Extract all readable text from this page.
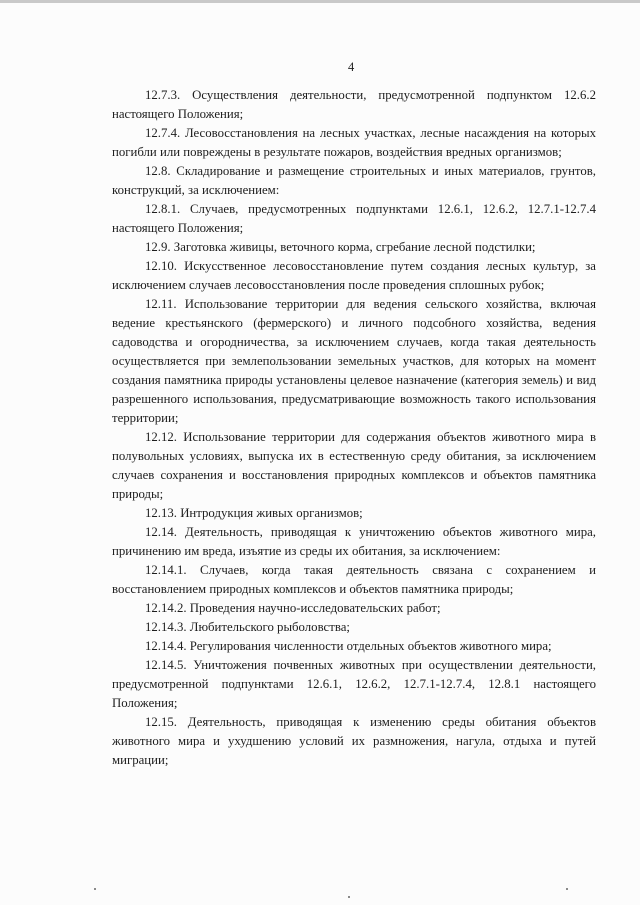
4

12.7.3. Осуществления деятельности, предусмотренной подпунктом 12.6.2 настоящего Положения;

12.7.4. Лесовосстановления на лесных участках, лесные насаждения на которых погибли или повреждены в результате пожаров, воздействия вредных организмов;

12.8. Складирование и размещение строительных и иных материалов, грунтов, конструкций, за исключением:

12.8.1. Случаев, предусмотренных подпунктами 12.6.1, 12.6.2, 12.7.1-12.7.4 настоящего Положения;

12.9. Заготовка живицы, веточного корма, сгребание лесной подстилки;

12.10. Искусственное лесовосстановление путем создания лесных культур, за исключением случаев лесовосстановления после проведения сплошных рубок;

12.11. Использование территории для ведения сельского хозяйства, включая ведение крестьянского (фермерского) и личного подсобного хозяйства, ведения садоводства и огородничества, за исключением случаев, когда такая деятельность осуществляется при землепользовании земельных участков, для которых на момент создания памятника природы установлены целевое назначение (категория земель) и вид разрешенного использования, предусматривающие возможность такого использования территории;

12.12. Использование территории для содержания объектов животного мира в полувольных условиях, выпуска их в естественную среду обитания, за исключением случаев сохранения и восстановления природных комплексов и объектов памятника природы;

12.13. Интродукция живых организмов;

12.14. Деятельность, приводящая к уничтожению объектов животного мира, причинению им вреда, изъятие из среды их обитания, за исключением:

12.14.1. Случаев, когда такая деятельность связана с сохранением и восстановлением природных комплексов и объектов памятника природы;

12.14.2. Проведения научно-исследовательских работ;

12.14.3. Любительского рыболовства;

12.14.4. Регулирования численности отдельных объектов животного мира;

12.14.5. Уничтожения почвенных животных при осуществлении деятельности, предусмотренной подпунктами 12.6.1, 12.6.2, 12.7.1-12.7.4, 12.8.1 настоящего Положения;

12.15. Деятельность, приводящая к изменению среды обитания объектов животного мира и ухудшению условий их размножения, нагула, отдыха и путей миграции;
